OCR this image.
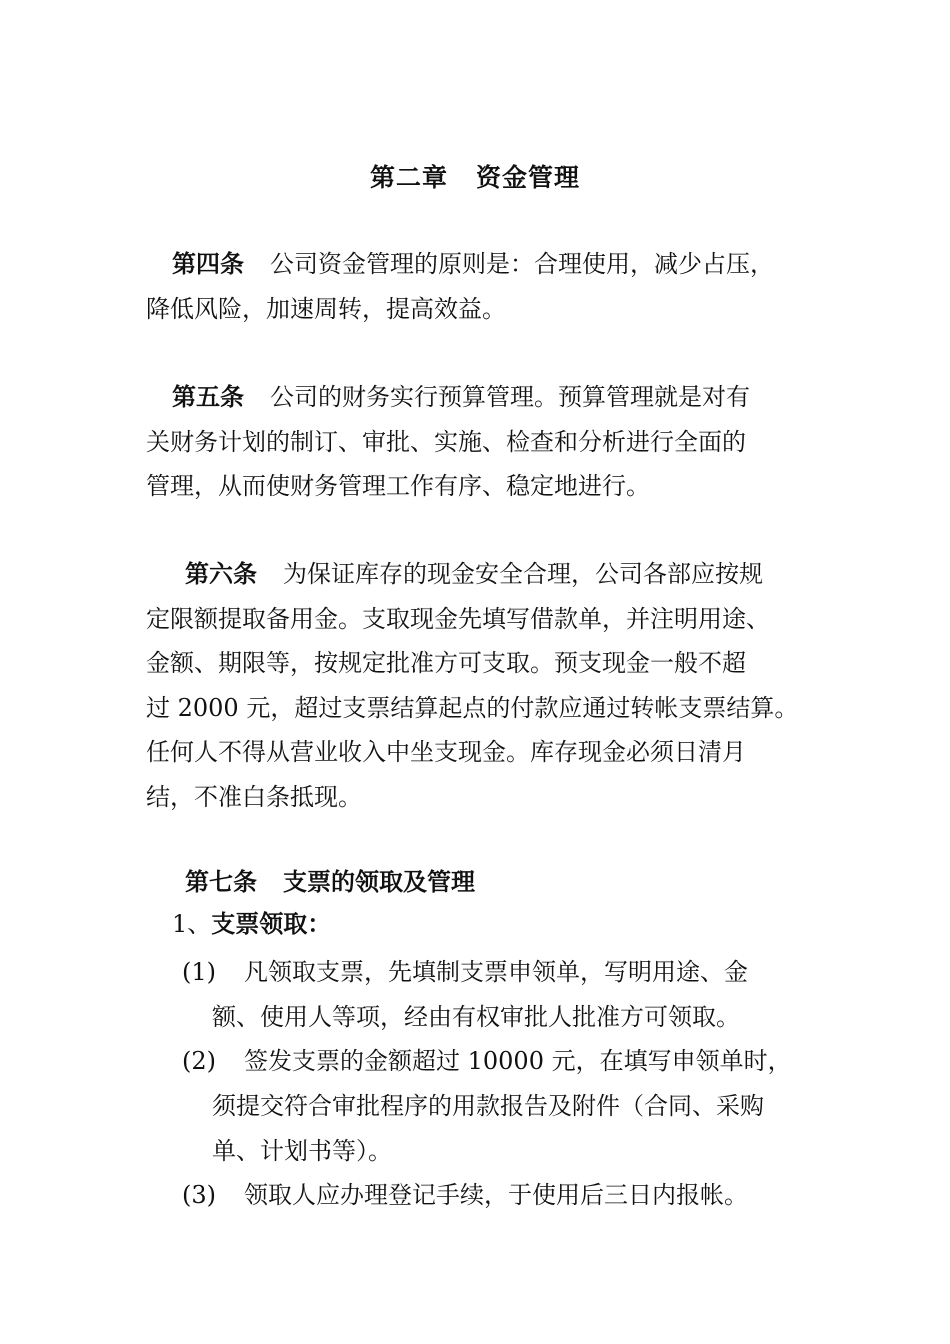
第二章 资金管理
第四条 公司资金管理的原则是：合理使用，减少占压，
降低风险，加速周转，提高效益。
第五条 公司的财务实行预算管理。预算管理就是对有
关财务计划的制订、审批、实施、检查和分析进行全面的
管理，从而使财务管理工作有序、稳定地进行。
第六条 为保证库存的现金安全合理，公司各部应按规
定限额提取备用金。支取现金先填写借款单，并注明用途、
金额、期限等，按规定批准方可支取。预支现金一般不超
过 2000 元，超过支票结算起点的付款应通过转帐支票结算。
任何人不得从营业收入中坐支现金。库存现金必须日清月
结，不准白条抵现。
第七条 支票的领取及管理
1、支票领取：
(1) 凡领取支票，先填制支票申领单，写明用途、金
额、使用人等项，经由有权审批人批准方可领取。
(2) 签发支票的金额超过 10000 元，在填写申领单时，
须提交符合审批程序的用款报告及附件（合同、采购
单、计划书等）。
(3) 领取人应办理登记手续，于使用后三日内报帐。
